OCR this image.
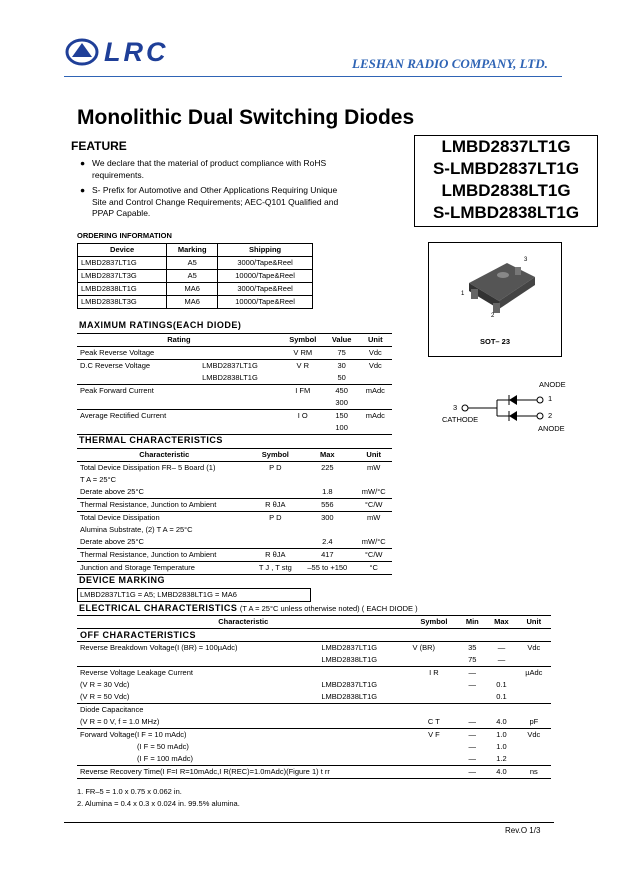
LRC	LESHAN RADIO COMPANY, LTD.
Monolithic Dual Switching Diodes
FEATURE
● We declare that the material of product compliance with RoHS requirements.
● S- Prefix for Automotive and Other Applications Requiring Unique Site and Control Change Requirements; AEC-Q101 Qualified and PPAP Capable.
LMBD2837LT1G
S-LMBD2837LT1G
LMBD2838LT1G
S-LMBD2838LT1G
ORDERING INFORMATION
Device	Marking	Shipping
LMBD2837LT1G	A5	3000/Tape&Reel
LMBD2837LT3G	A5	10000/Tape&Reel
LMBD2838LT1G	MA6	3000/Tape&Reel
LMBD2838LT3G	MA6	10000/Tape&Reel
MAXIMUM RATINGS(EACH DIODE)
Rating		Symbol	Value	Unit
Peak Reverse Voltage		V RM	75	Vdc
D.C Reverse Voltage	LMBD2837LT1G	V R	30	Vdc
	LMBD2838LT1G		50	
Peak Forward Current		I FM	450	mAdc
			300	
Average Rectified Current		I O	150	mAdc
			100	
THERMAL CHARACTERISTICS
Characteristic	Symbol	Max	Unit
Total Device Dissipation FR– 5 Board (1)	P D	225	mW
T A = 25°C			
Derate above 25°C		1.8	mW/°C
Thermal Resistance, Junction to Ambient	R θJA	556	°C/W
Total Device Dissipation	P D	300	mW
Alumina Substrate, (2) T A = 25°C			
Derate above 25°C		2.4	mW/°C
Thermal Resistance, Junction to Ambient	R θJA	417	°C/W
Junction and Storage Temperature	T J , T stg	–55 to +150	°C
DEVICE MARKING
LMBD2837LT1G = A5; LMBD2838LT1G = MA6
ELECTRICAL CHARACTERISTICS (T A = 25°C unless otherwise noted) ( EACH DIODE )
Characteristic		Symbol	Min	Max	Unit
OFF CHARACTERISTICS					
Reverse Breakdown Voltage(I (BR) = 100µAdc)	LMBD2837LT1G	V (BR)	35	—	Vdc
	LMBD2838LT1G		75	—	
Reverse Voltage Leakage Current		I R	—		µAdc
(V R = 30 Vdc)	LMBD2837LT1G		—	0.1	
(V R = 50 Vdc)	LMBD2838LT1G			0.1	
Diode Capacitance					
(V R = 0 V, f = 1.0 MHz)		C T	—	4.0	pF
Forward Voltage(I F = 10 mAdc)		V F	—	1.0	Vdc
(I F = 50 mAdc)			—	1.0	
(I F = 100 mAdc)			—	1.2	
Reverse Recovery Time(I F=I R=10mAdc,I R(REC)=1.0mAdc)(Figure 1) t rr			—	4.0	ns
1. FR–5 = 1.0 x 0.75 x 0.062 in.
2. Alumina = 0.4 x 0.3 x 0.024 in. 99.5% alumina.
3
1
2
SOT– 23
ANODE
1
2
ANODE
3
CATHODE
Rev.O 1/3
